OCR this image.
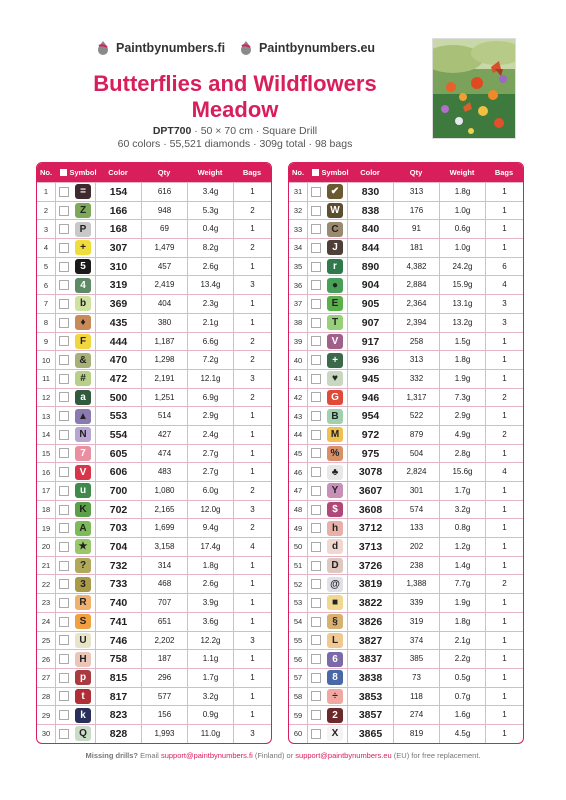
Paintbynumbers.fi	Paintbynumbers.eu
Butterflies and Wildflowers
Meadow
DPT700 · 50 × 70 cm · Square Drill
60 colors · 55,521 diamonds · 309g total · 98 bags
No.	Symbol	Color	Qty	Weight	Bags
1	=	154	616	3.4g	1
2	Z	166	948	5.3g	2
3	P	168	69	0.4g	1
4	+	307	1,479	8.2g	2
5	5	310	457	2.6g	1
6	4	319	2,419	13.4g	3
7	b	369	404	2.3g	1
8	♦	435	380	2.1g	1
9	F	444	1,187	6.6g	2
10	&	470	1,298	7.2g	2
11	#	472	2,191	12.1g	3
12	a	500	1,251	6.9g	2
13	▲	553	514	2.9g	1
14	N	554	427	2.4g	1
15	7	605	474	2.7g	1
16	V	606	483	2.7g	1
17	u	700	1,080	6.0g	2
18	K	702	2,165	12.0g	3
19	A	703	1,699	9.4g	2
20	★	704	3,158	17.4g	4
21	?	732	314	1.8g	1
22	3	733	468	2.6g	1
23	R	740	707	3.9g	1
24	S	741	651	3.6g	1
25	U	746	2,202	12.2g	3
26	H	758	187	1.1g	1
27	p	815	296	1.7g	1
28	t	817	577	3.2g	1
29	k	823	156	0.9g	1
30	Q	828	1,993	11.0g	3
No.	Symbol	Color	Qty	Weight	Bags
31	✔	830	313	1.8g	1
32	W	838	176	1.0g	1
33	C	840	91	0.6g	1
34	J	844	181	1.0g	1
35	r	890	4,382	24.2g	6
36	●	904	2,884	15.9g	4
37	E	905	2,364	13.1g	3
38	T	907	2,394	13.2g	3
39	V	917	258	1.5g	1
40	+	936	313	1.8g	1
41	♥	945	332	1.9g	1
42	G	946	1,317	7.3g	2
43	B	954	522	2.9g	1
44	M	972	879	4.9g	2
45	%	975	504	2.8g	1
46	♣	3078	2,824	15.6g	4
47	Y	3607	301	1.7g	1
48	$	3608	574	3.2g	1
49	h	3712	133	0.8g	1
50	d	3713	202	1.2g	1
51	D	3726	238	1.4g	1
52	@	3819	1,388	7.7g	2
53	■	3822	339	1.9g	1
54	§	3826	319	1.8g	1
55	L	3827	374	2.1g	1
56	6	3837	385	2.2g	1
57	8	3838	73	0.5g	1
58	÷	3853	118	0.7g	1
59	2	3857	274	1.6g	1
60	X	3865	819	4.5g	1
Missing drills? Email support@paintbynumbers.fi (Finland) or support@paintbynumbers.eu (EU) for free replacement.
